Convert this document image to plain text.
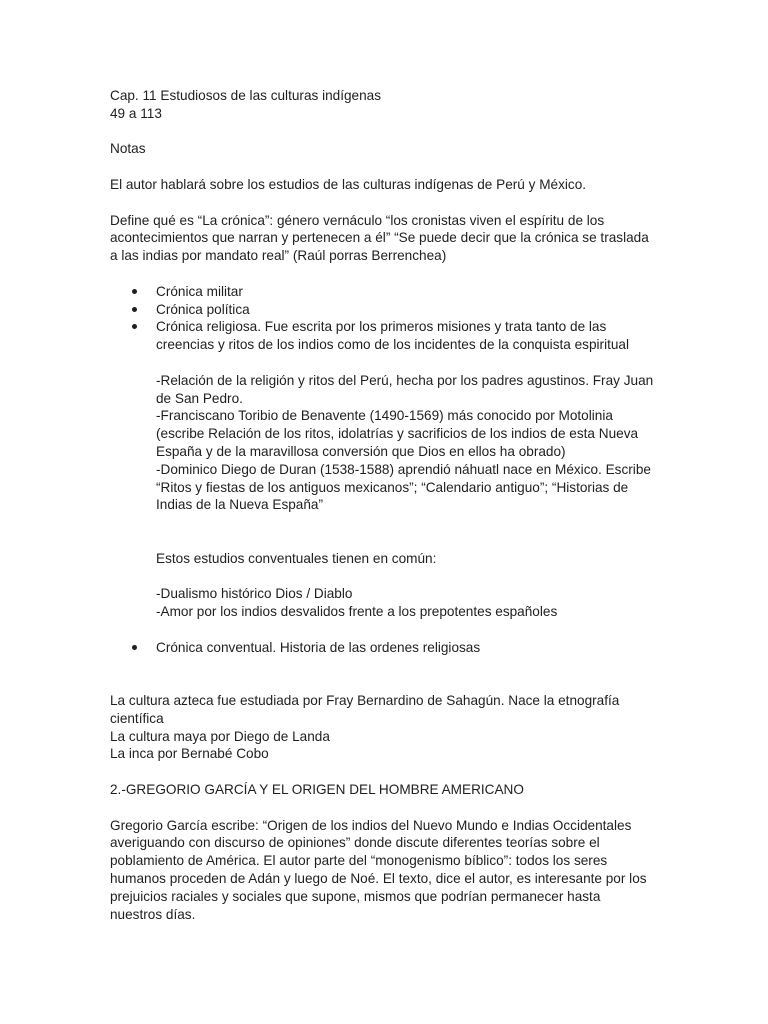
Cap. 11 Estudiosos de las culturas indígenas

49 a 113

Notas

El autor hablará sobre los estudios de las culturas indígenas de Perú y México.

Define qué es “La crónica”: género vernáculo “los cronistas viven el espíritu de los acontecimientos que narran y pertenecen a él” “Se puede decir que la crónica se traslada a las indias por mandato real” (Raúl porras Berrenchea)

Crónica militar
Crónica política
Crónica religiosa. Fue escrita por los primeros misiones y trata tanto de las creencias y ritos de los indios como de los incidentes de la conquista espiritual

-Relación de la religión y ritos del Perú, hecha por los padres agustinos. Fray Juan de San Pedro.

-Franciscano Toribio de Benavente (1490-1569) más conocido por Motolinia (escribe Relación de los ritos, idolatrías y sacrificios de los indios de esta Nueva España y de la maravillosa conversión que Dios en ellos ha obrado)

-Dominico Diego de Duran (1538-1588) aprendió náhuatl nace en México. Escribe “Ritos y fiestas de los antiguos mexicanos”; “Calendario antiguo”; “Historias de Indias de la Nueva España”

Estos estudios conventuales tienen en común:

-Dualismo histórico Dios / Diablo

-Amor por los indios desvalidos frente a los prepotentes españoles

Crónica conventual. Historia de las ordenes religiosas

La cultura azteca fue estudiada por Fray Bernardino de Sahagún. Nace la etnografía científica

La cultura maya por Diego de Landa

La inca por Bernabé Cobo

2.-GREGORIO GARCÍA Y EL ORIGEN DEL HOMBRE AMERICANO

Gregorio García escribe: “Origen de los indios del Nuevo Mundo e Indias Occidentales averiguando con discurso de opiniones” donde discute diferentes teorías sobre el poblamiento de América. El autor parte del “monogenismo bíblico”: todos los seres humanos proceden de Adán y luego de Noé. El texto, dice el autor, es interesante por los prejuicios raciales y sociales que supone, mismos que podrían permanecer hasta nuestros días.
